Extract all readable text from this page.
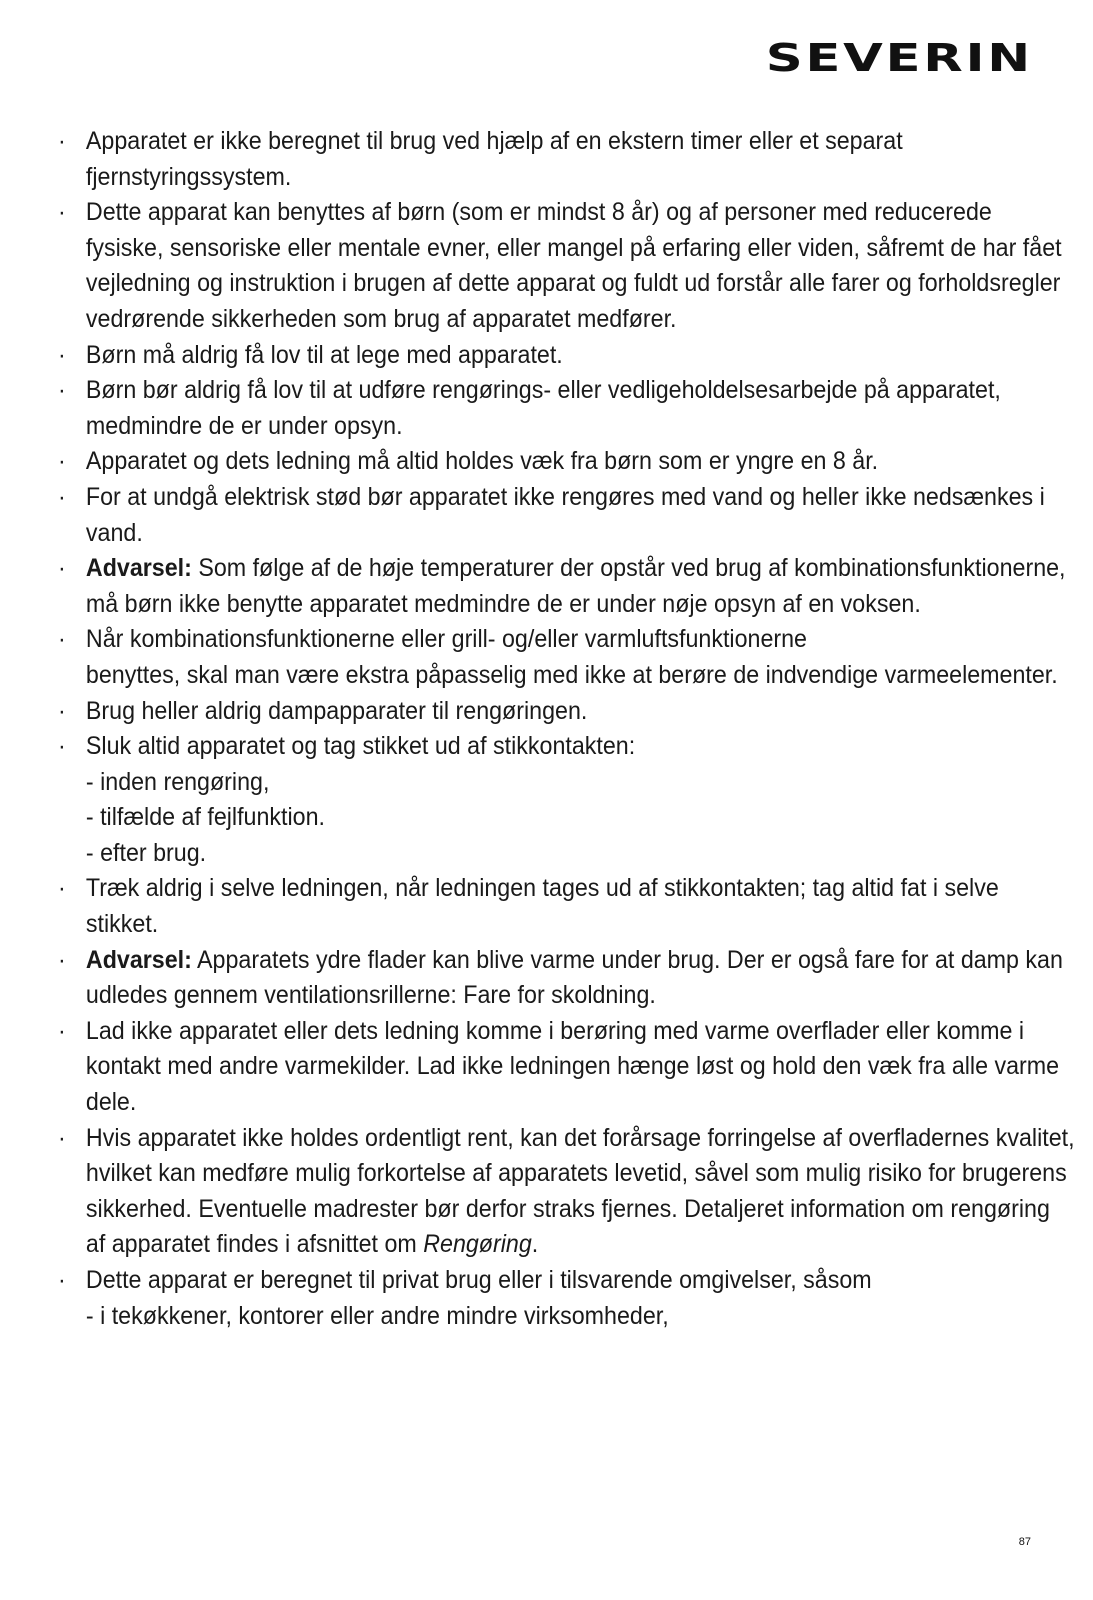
SEVERIN
· Apparatet er ikke beregnet til brug ved hjælp af en ekstern timer eller et separat fjernstyringssystem.
· Dette apparat kan benyttes af børn (som er mindst 8 år) og af personer med reducerede fysiske, sensoriske eller mentale evner, eller mangel på erfaring eller viden, såfremt de har fået vejledning og instruktion i brugen af dette apparat og fuldt ud forstår alle farer og forholdsregler vedrørende sikkerheden som brug af apparatet medfører.
· Børn må aldrig få lov til at lege med apparatet.
· Børn bør aldrig få lov til at udføre rengørings- eller vedligeholdelsesarbejde på apparatet, medmindre de er under opsyn.
· Apparatet og dets ledning må altid holdes væk fra børn som er yngre en 8 år.
· For at undgå elektrisk stød bør apparatet ikke rengøres med vand og heller ikke nedsænkes i vand.
· Advarsel: Som følge af de høje temperaturer der opstår ved brug af kombinationsfunktionerne, må børn ikke benytte apparatet medmindre de er under nøje opsyn af en voksen.
· Når kombinationsfunktionerne eller grill- og/eller varmluftsfunktionerne
benyttes, skal man være ekstra påpasselig med ikke at berøre de indvendige varmeelementer.
· Brug heller aldrig dampapparater til rengøringen.
· Sluk altid apparatet og tag stikket ud af stikkontakten:
- inden rengøring,
- tilfælde af fejlfunktion.
- efter brug.
· Træk aldrig i selve ledningen, når ledningen tages ud af stikkontakten; tag altid fat i selve stikket.
· Advarsel: Apparatets ydre flader kan blive varme under brug. Der er også fare for at damp kan udledes gennem ventilationsrillerne: Fare for skoldning.
· Lad ikke apparatet eller dets ledning komme i berøring med varme overflader eller komme i kontakt med andre varmekilder. Lad ikke ledningen hænge løst og hold den væk fra alle varme dele.
· Hvis apparatet ikke holdes ordentligt rent, kan det forårsage forringelse af overfladernes kvalitet, hvilket kan medføre mulig forkortelse af apparatets levetid, såvel som mulig risiko for brugerens sikkerhed. Eventuelle madrester bør derfor straks fjernes. Detaljeret information om rengøring af apparatet findes i afsnittet om Rengøring.
· Dette apparat er beregnet til privat brug eller i tilsvarende omgivelser, såsom
- i tekøkkener, kontorer eller andre mindre virksomheder,
87
